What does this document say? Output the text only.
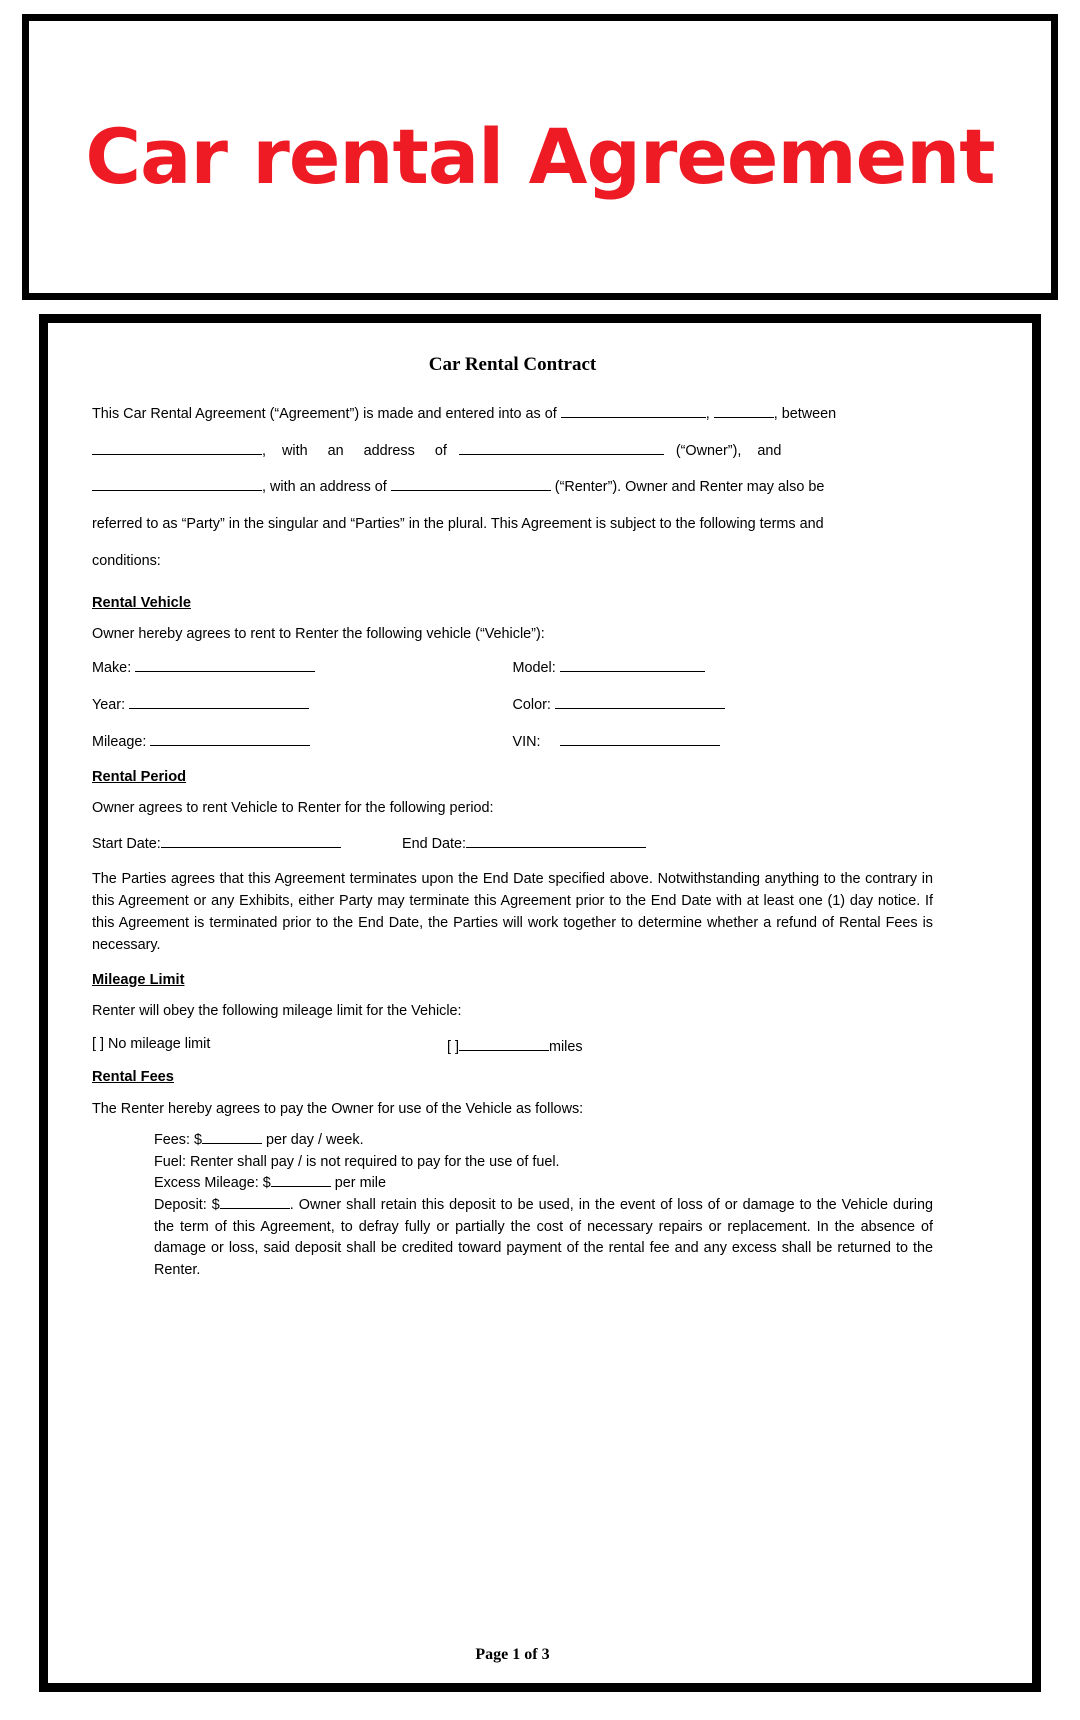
Car rental Agreement
Car Rental Contract
This Car Rental Agreement (“Agreement”) is made and entered into as of	,	, between
, with an address of	(“Owner”), and
, with an address of	(“Renter”). Owner and Renter may also be
referred to as “Party” in the singular and “Parties” in the plural. This Agreement is subject to the following terms and
conditions:
Rental Vehicle
Owner hereby agrees to rent to Renter the following vehicle (“Vehicle”):
Make:	Model:
Year:	Color:
Mileage:	VIN:
Rental Period
Owner agrees to rent Vehicle to Renter for the following period:
Start Date:	End Date:
The Parties agrees that this Agreement terminates upon the End Date specified above. Notwithstanding anything to the contrary in this Agreement or any Exhibits, either Party may terminate this Agreement prior to the End Date with at least one (1) day notice. If this Agreement is terminated prior to the End Date, the Parties will work together to determine whether a refund of Rental Fees is necessary.
Mileage Limit
Renter will obey the following mileage limit for the Vehicle:
[ ] No mileage limit	[ ]	miles
Rental Fees
The Renter hereby agrees to pay the Owner for use of the Vehicle as follows:
Fees: $	per day / week.
Fuel: Renter shall pay / is not required to pay for the use of fuel.
Excess Mileage: $	per mile
Deposit: $	. Owner shall retain this deposit to be used, in the event of loss of or damage to the Vehicle during the term of this Agreement, to defray fully or partially the cost of necessary repairs or replacement. In the absence of damage or loss, said deposit shall be credited toward payment of the rental fee and any excess shall be returned to the Renter.
Page 1 of 3
